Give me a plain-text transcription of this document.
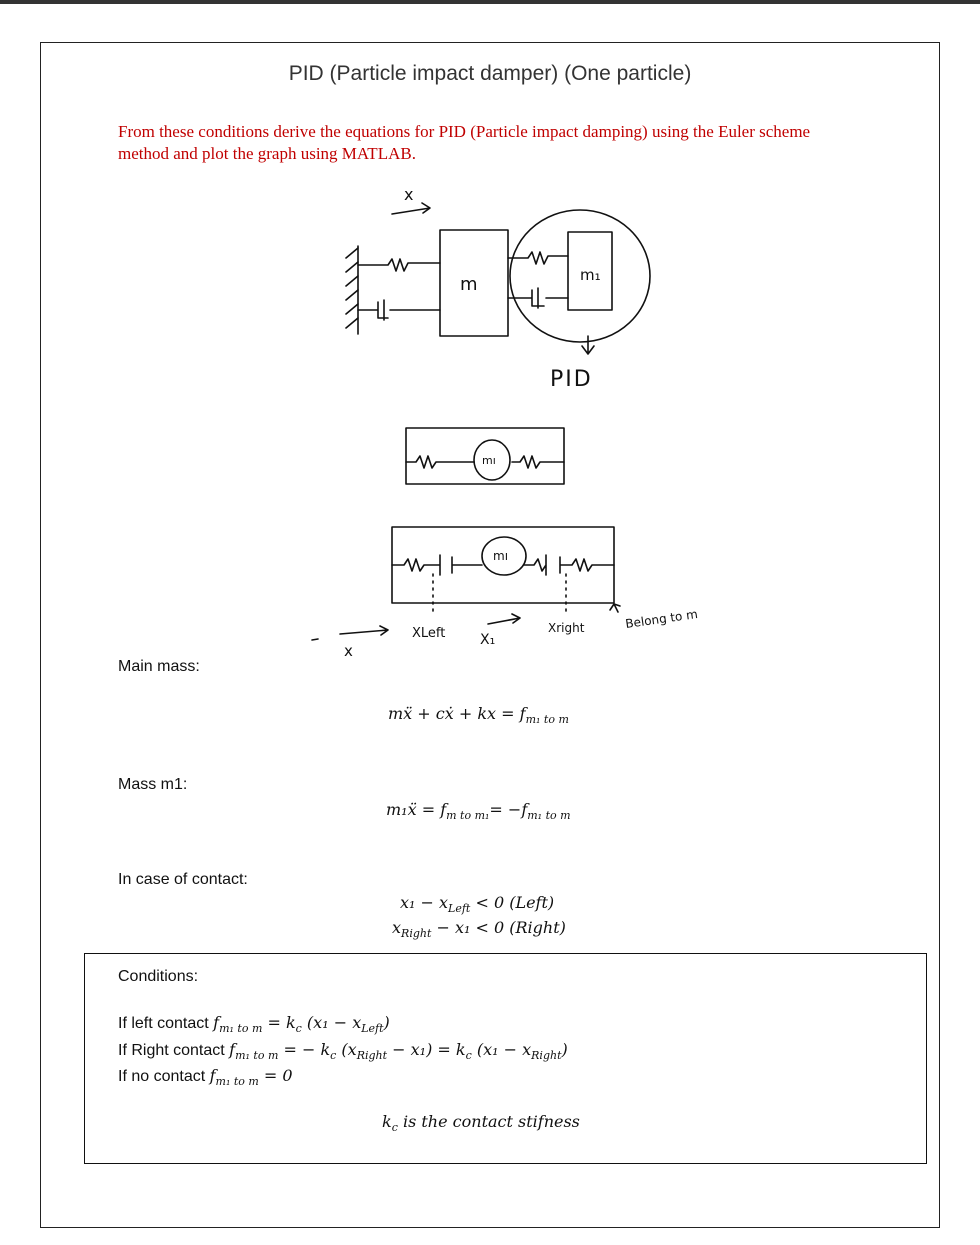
PID (Particle impact damper) (One particle)
From these conditions derive the equations for PID (Particle impact damping) using the Euler scheme method and plot the graph using MATLAB.
x
m	m₁
PID
mı
mı
XLeft X₁
Xright	Belong to m
x
Main mass:
mẍ + cẋ + kx = $f_{m_1 to m}$
Mass m1:
m₁ẍ = $f_{m to m_1}= -f_{m_1 to m}$
In case of contact:
$x_1 - x_{Left} < 0$ (Left)
$x_{Right} - x_1 < 0$ (Right)
Conditions:
If left contact $f_{m_1 to m} = k_c$ $(x_1 - x_{Left})$
If Right contact $f_{m_1 to m}$ = − $k_c$ $(x_{Right} - x_1) = k_c$ $(x_1 - x_{Right})$
If no contact $f_{m_1 to m} = 0$
$k_c$ is the contact stifness
